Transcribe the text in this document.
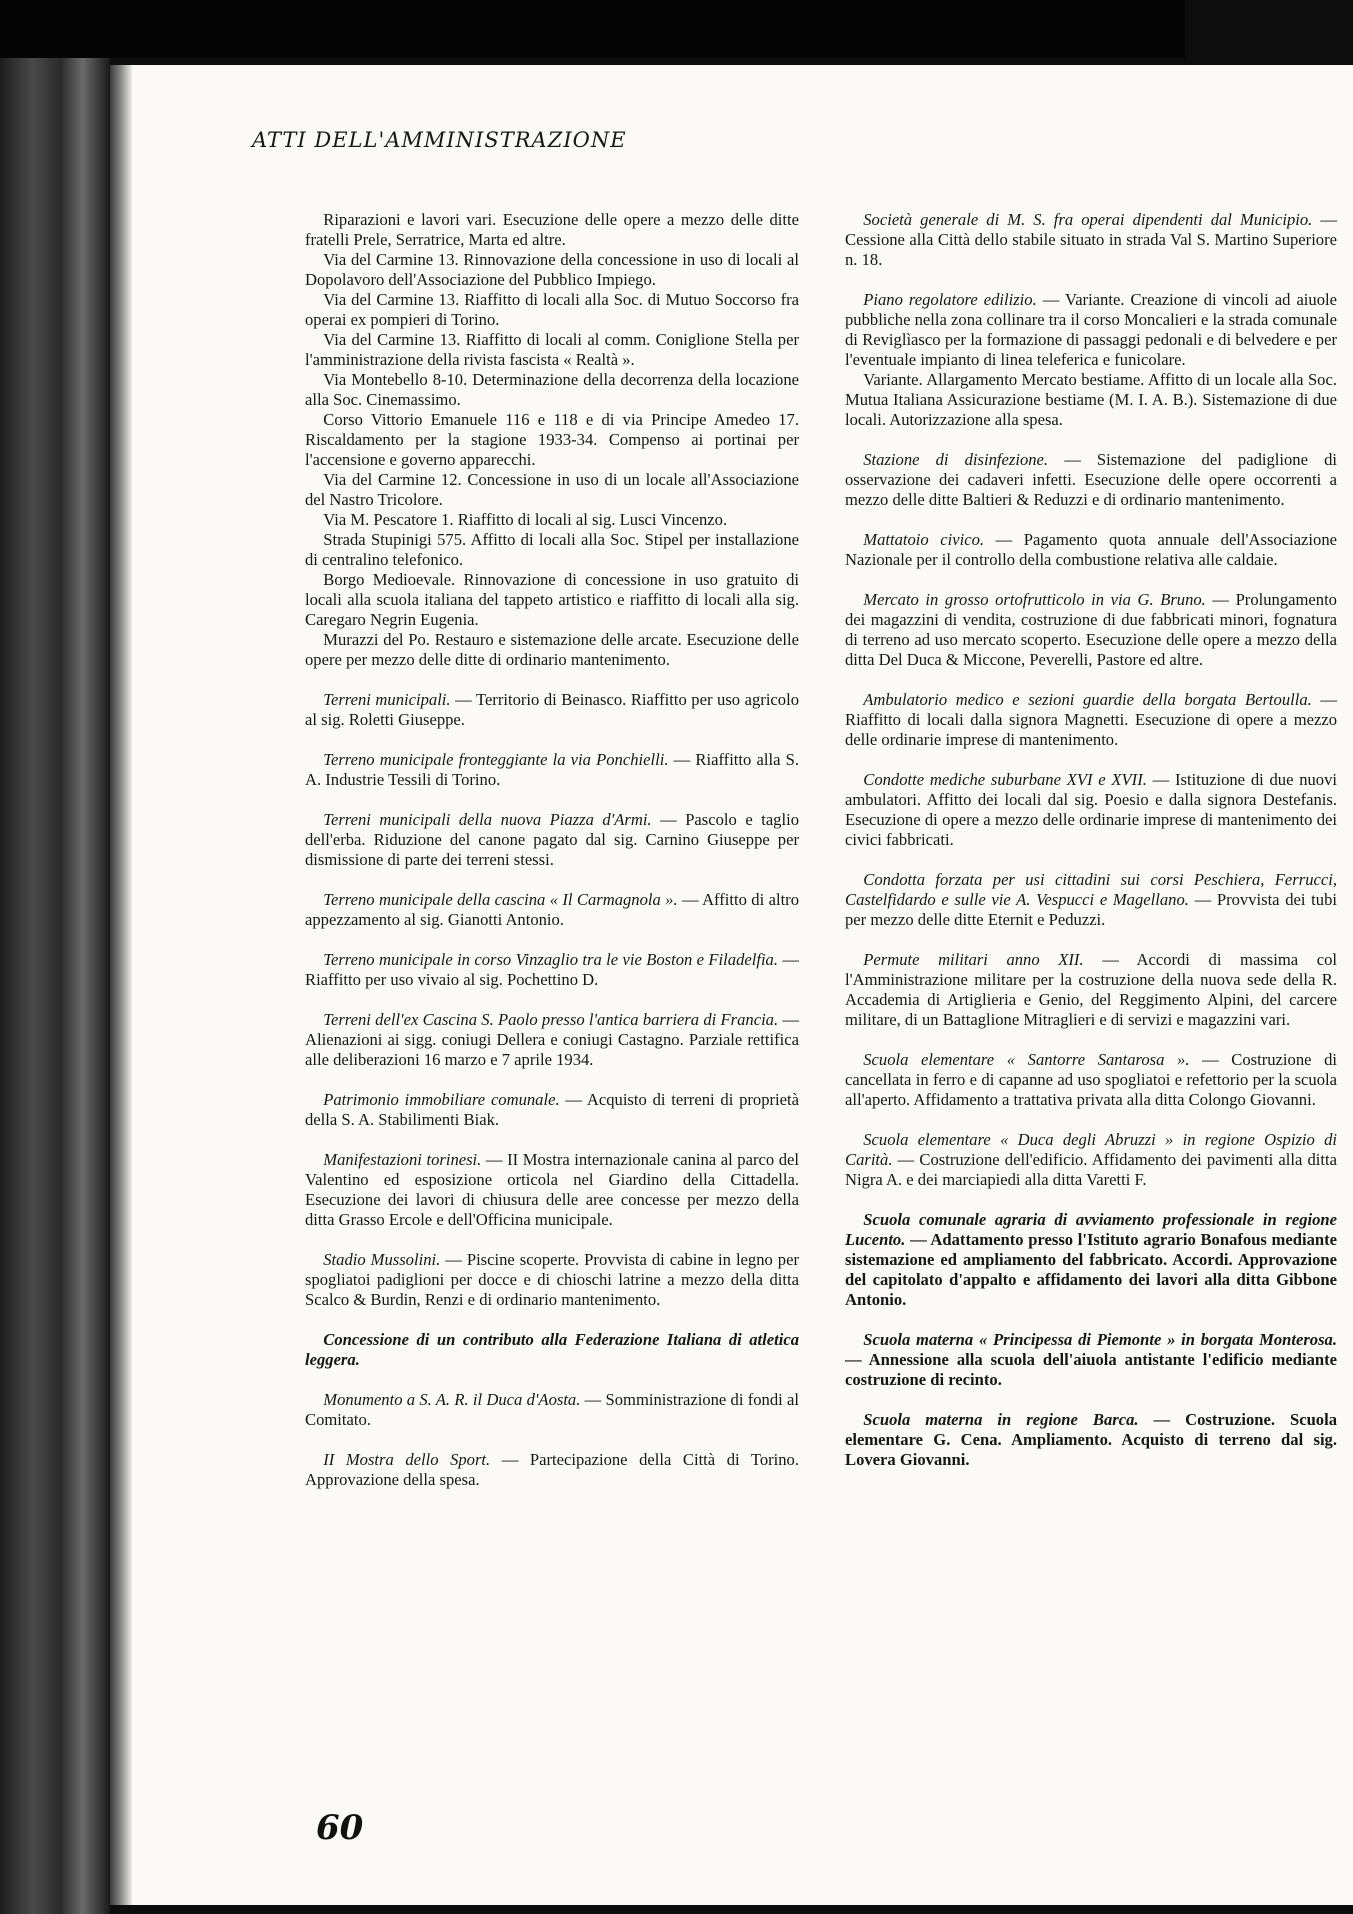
ATTI DELL'AMMINISTRAZIONE

Riparazioni e lavori vari. Esecuzione delle opere a mezzo delle ditte fratelli Prele, Serratrice, Marta ed altre.

Via del Carmine 13. Rinnovazione della concessione in uso di locali al Dopolavoro dell'Associazione del Pubblico Impiego.

Via del Carmine 13. Riaffitto di locali alla Soc. di Mutuo Soccorso fra operai ex pompieri di Torino.

Via del Carmine 13. Riaffitto di locali al comm. Coniglione Stella per l'amministrazione della rivista fascista « Realtà ».

Via Montebello 8-10. Determinazione della decorrenza della locazione alla Soc. Cinemassimo.

Corso Vittorio Emanuele 116 e 118 e di via Principe Amedeo 17. Riscaldamento per la stagione 1933-34. Compenso ai portinai per l'accensione e governo apparecchi.

Via del Carmine 12. Concessione in uso di un locale all'Associazione del Nastro Tricolore.

Via M. Pescatore 1. Riaffitto di locali al sig. Lusci Vincenzo.

Strada Stupinigi 575. Affitto di locali alla Soc. Stipel per installazione di centralino telefonico.

Borgo Medioevale. Rinnovazione di concessione in uso gratuito di locali alla scuola italiana del tappeto artistico e riaffitto di locali alla sig. Caregaro Negrin Eugenia.

Murazzi del Po. Restauro e sistemazione delle arcate. Esecuzione delle opere per mezzo delle ditte di ordinario mantenimento.

Terreni municipali. — Territorio di Beinasco. Riaffitto per uso agricolo al sig. Roletti Giuseppe.

Terreno municipale fronteggiante la via Ponchielli. — Riaffitto alla S. A. Industrie Tessili di Torino.

Terreni municipali della nuova Piazza d'Armi. — Pascolo e taglio dell'erba. Riduzione del canone pagato dal sig. Carnino Giuseppe per dismissione di parte dei terreni stessi.

Terreno municipale della cascina « Il Carmagnola ». — Affitto di altro appezzamento al sig. Gianotti Antonio.

Terreno municipale in corso Vinzaglio tra le vie Boston e Filadelfia. — Riaffitto per uso vivaio al sig. Pochettino D.

Terreni dell'ex Cascina S. Paolo presso l'antica barriera di Francia. — Alienazioni ai sigg. coniugi Dellera e coniugi Castagno. Parziale rettifica alle deliberazioni 16 marzo e 7 aprile 1934.

Patrimonio immobiliare comunale. — Acquisto di terreni di proprietà della S. A. Stabilimenti Biak.

Manifestazioni torinesi. — II Mostra internazionale canina al parco del Valentino ed esposizione orticola nel Giardino della Cittadella. Esecuzione dei lavori di chiusura delle aree concesse per mezzo della ditta Grasso Ercole e dell'Officina municipale.

Stadio Mussolini. — Piscine scoperte. Provvista di cabine in legno per spogliatoi padiglioni per docce e di chioschi latrine a mezzo della ditta Scalco & Burdin, Renzi e di ordinario mantenimento.

Concessione di un contributo alla Federazione Italiana di atletica leggera.

Monumento a S. A. R. il Duca d'Aosta. — Somministrazione di fondi al Comitato.

II Mostra dello Sport. — Partecipazione della Città di Torino. Approvazione della spesa.

Società generale di M. S. fra operai dipendenti dal Municipio. — Cessione alla Città dello stabile situato in strada Val S. Martino Superiore n. 18.

Piano regolatore edilizio. — Variante. Creazione di vincoli ad aiuole pubbliche nella zona collinare tra il corso Moncalieri e la strada comunale di Reviglìasco per la formazione di passaggi pedonali e di belvedere e per l'eventuale impianto di linea teleferica e funicolare.

Variante. Allargamento Mercato bestiame. Affitto di un locale alla Soc. Mutua Italiana Assicurazione bestiame (M. I. A. B.). Sistemazione di due locali. Autorizzazione alla spesa.

Stazione di disinfezione. — Sistemazione del padiglione di osservazione dei cadaveri infetti. Esecuzione delle opere occorrenti a mezzo delle ditte Baltieri & Reduzzi e di ordinario mantenimento.

Mattatoio civico. — Pagamento quota annuale dell'Associazione Nazionale per il controllo della combustione relativa alle caldaie.

Mercato in grosso ortofrutticolo in via G. Bruno. — Prolungamento dei magazzini di vendita, costruzione di due fabbricati minori, fognatura di terreno ad uso mercato scoperto. Esecuzione delle opere a mezzo della ditta Del Duca & Miccone, Peverelli, Pastore ed altre.

Ambulatorio medico e sezioni guardie della borgata Bertoulla. — Riaffitto di locali dalla signora Magnetti. Esecuzione di opere a mezzo delle ordinarie imprese di mantenimento.

Condotte mediche suburbane XVI e XVII. — Istituzione di due nuovi ambulatori. Affitto dei locali dal sig. Poesio e dalla signora Destefanis. Esecuzione di opere a mezzo delle ordinarie imprese di mantenimento dei civici fabbricati.

Condotta forzata per usi cittadini sui corsi Peschiera, Ferrucci, Castelfidardo e sulle vie A. Vespucci e Magellano. — Provvista dei tubi per mezzo delle ditte Eternit e Peduzzi.

Permute militari anno XII. — Accordi di massima col l'Amministrazione militare per la costruzione della nuova sede della R. Accademia di Artiglieria e Genio, del Reggimento Alpini, del carcere militare, di un Battaglione Mitraglieri e di servizi e magazzini vari.

Scuola elementare « Santorre Santarosa ». — Costruzione di cancellata in ferro e di capanne ad uso spogliatoi e refettorio per la scuola all'aperto. Affidamento a trattativa privata alla ditta Colongo Giovanni.

Scuola elementare « Duca degli Abruzzi » in regione Ospizio di Carità. — Costruzione dell'edificio. Affidamento dei pavimenti alla ditta Nigra A. e dei marciapiedi alla ditta Varetti F.

Scuola comunale agraria di avviamento professionale in regione Lucento. — Adattamento presso l'Istituto agrario Bonafous mediante sistemazione ed ampliamento del fabbricato. Accordi. Approvazione del capitolato d'appalto e affidamento dei lavori alla ditta Gibbone Antonio.

Scuola materna « Principessa di Piemonte » in borgata Monterosa. — Annessione alla scuola dell'aiuola antistante l'edificio mediante costruzione di recinto.

Scuola materna in regione Barca. — Costruzione. Scuola elementare G. Cena. Ampliamento. Acquisto di terreno dal sig. Lovera Giovanni.

60
